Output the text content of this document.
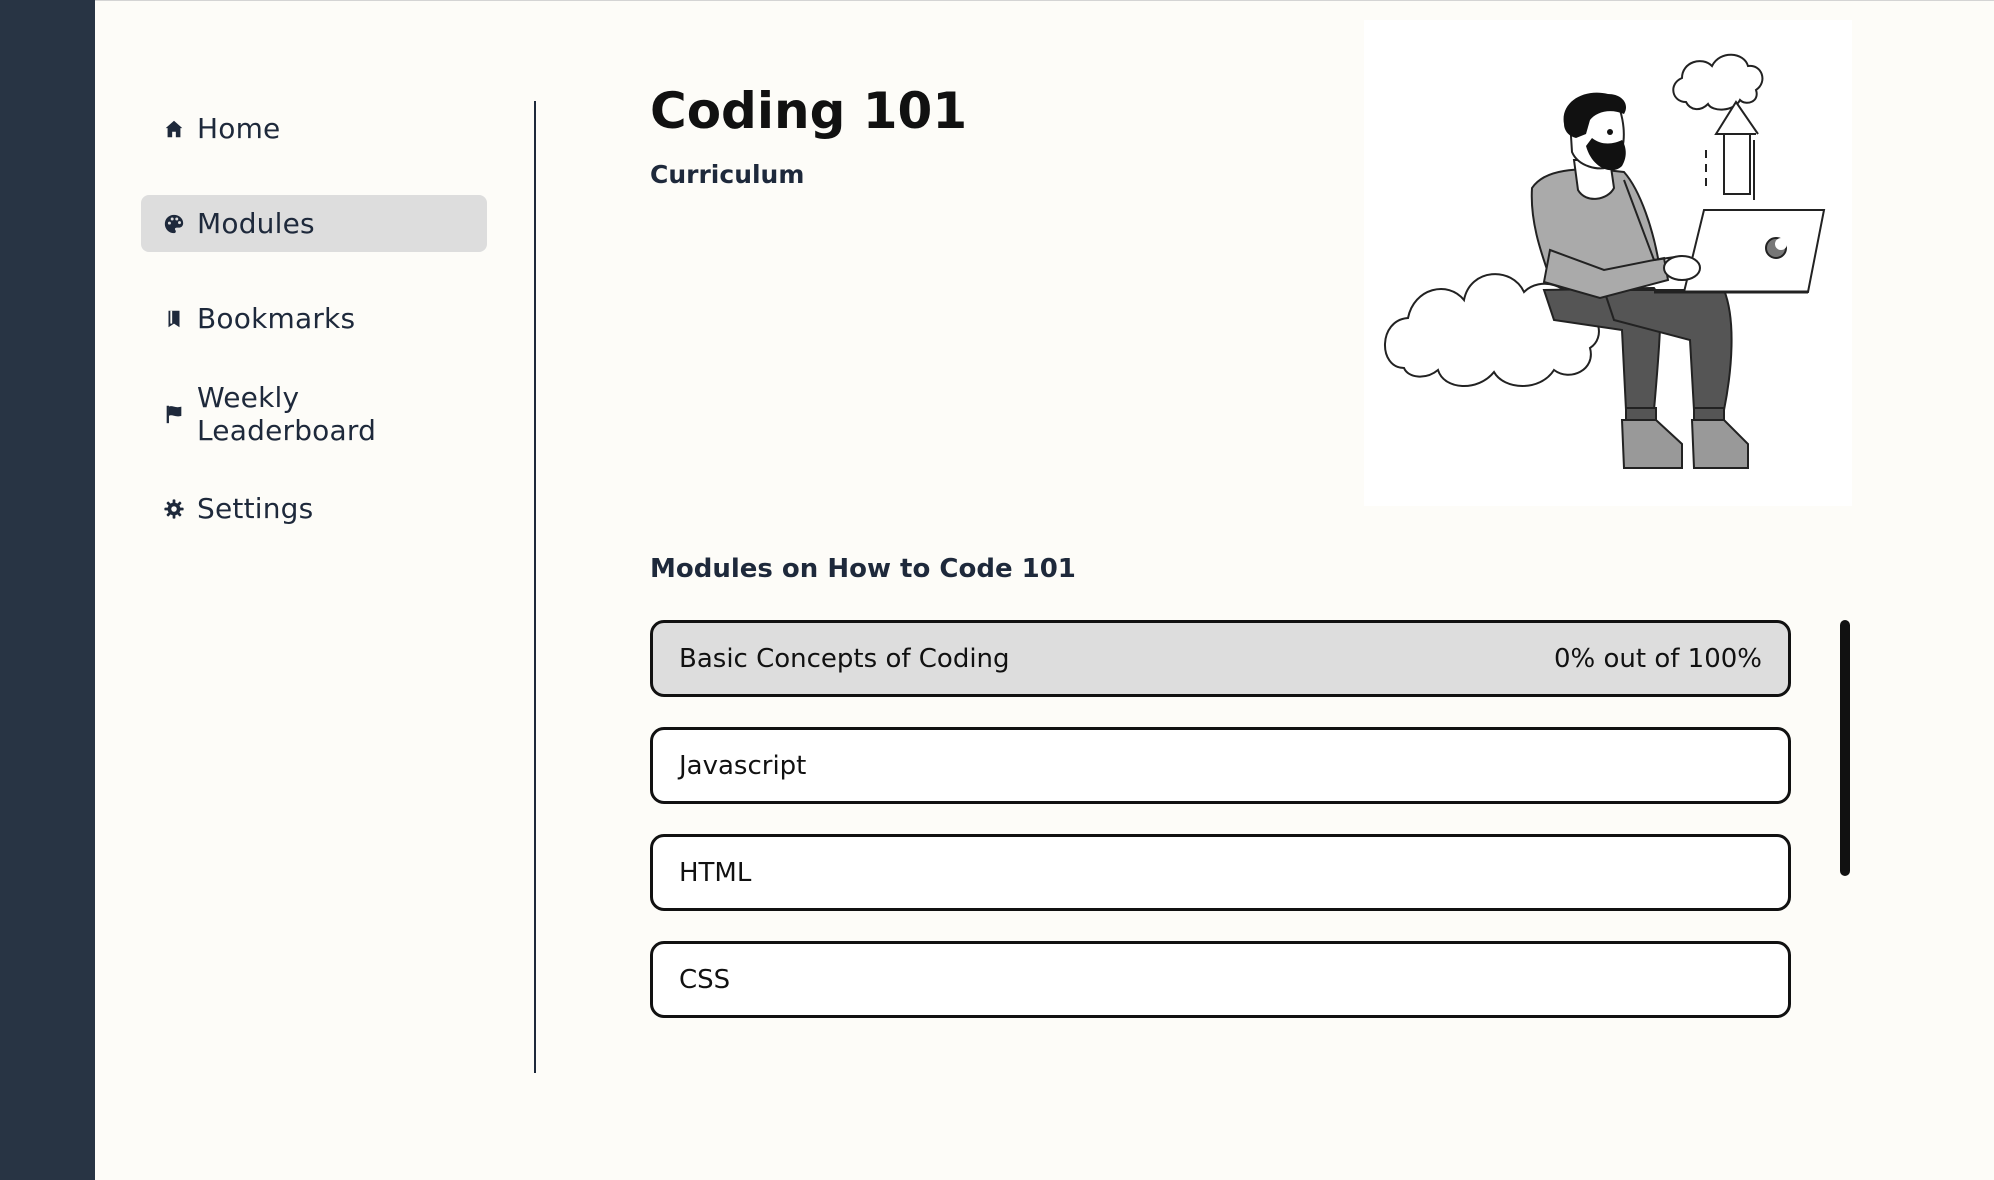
Home
Modules
Bookmarks
Weekly Leaderboard
Settings
Coding 101
Curriculum
Modules on How to Code 101
Basic Concepts of Coding	0% out of 100%
Javascript
HTML
CSS
